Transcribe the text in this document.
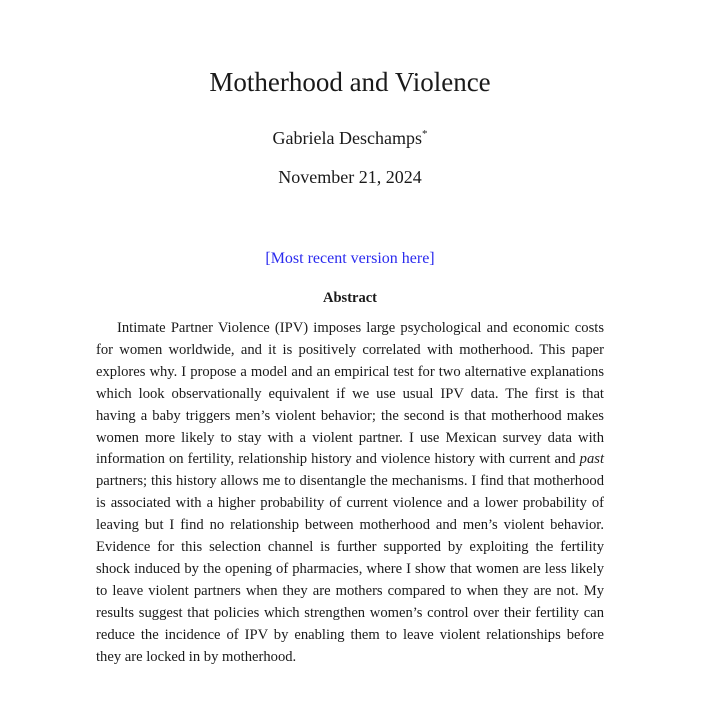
Motherhood and Violence
Gabriela Deschamps*
November 21, 2024
[Most recent version here]
Abstract

Intimate Partner Violence (IPV) imposes large psychological and economic costs for women worldwide, and it is positively correlated with motherhood. This paper explores why. I propose a model and an empirical test for two alternative explanations which look observationally equivalent if we use usual IPV data. The first is that having a baby triggers men’s violent behavior; the second is that motherhood makes women more likely to stay with a violent partner. I use Mexican survey data with information on fertility, relationship history and violence history with current and past partners; this history allows me to disentangle the mechanisms. I find that motherhood is associated with a higher probability of current violence and a lower probability of leaving but I find no relationship between motherhood and men’s violent behavior. Evidence for this selection channel is further supported by exploiting the fertility shock induced by the opening of pharmacies, where I show that women are less likely to leave violent partners when they are mothers compared to when they are not. My results suggest that policies which strengthen women’s control over their fertility can reduce the incidence of IPV by enabling them to leave violent relationships before they are locked in by motherhood.
